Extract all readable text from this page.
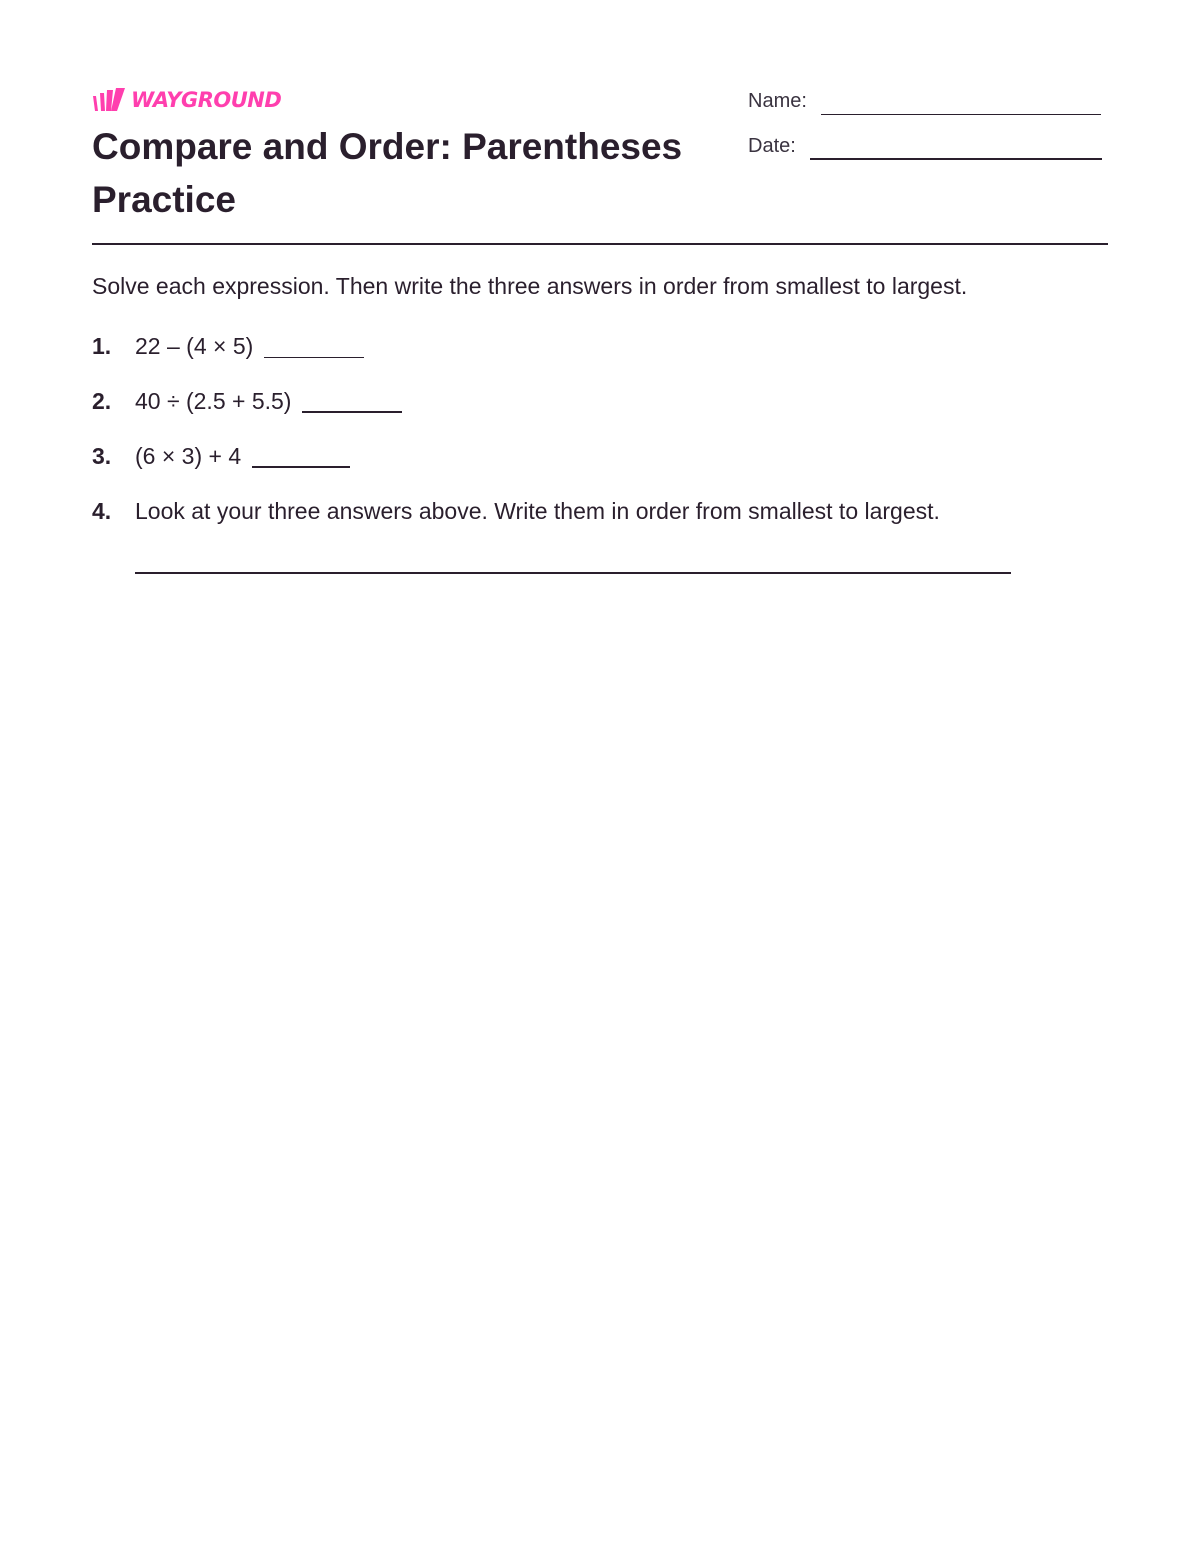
WAYGROUND
Compare and Order: Parentheses Practice
Name:
Date:

Solve each expression. Then write the three answers in order from smallest to largest.

1.	22 – (4 × 5)
2.	40 ÷ (2.5 + 5.5)
3.	(6 × 3) + 4
4.	Look at your three answers above. Write them in order from smallest to largest.
